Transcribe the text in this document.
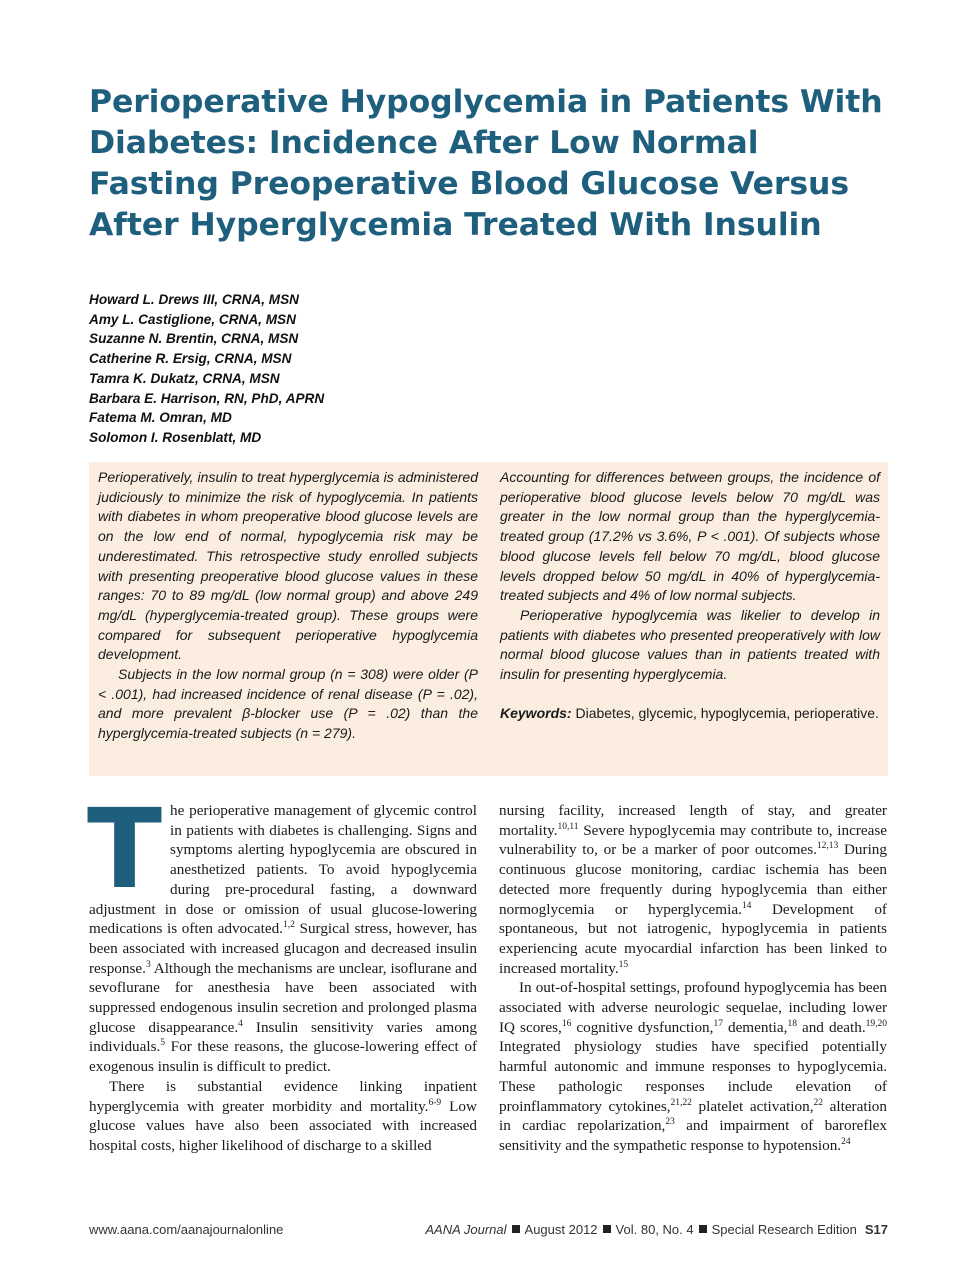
Perioperative Hypoglycemia in Patients With Diabetes: Incidence After Low Normal Fasting Preoperative Blood Glucose Versus After Hyperglycemia Treated With Insulin
Howard L. Drews III, CRNA, MSN
Amy L. Castiglione, CRNA, MSN
Suzanne N. Brentin, CRNA, MSN
Catherine R. Ersig, CRNA, MSN
Tamra K. Dukatz, CRNA, MSN
Barbara E. Harrison, RN, PhD, APRN
Fatema M. Omran, MD
Solomon I. Rosenblatt, MD

Perioperatively, insulin to treat hyperglycemia is administered judiciously to minimize the risk of hypoglycemia. In patients with diabetes in whom preoperative blood glucose levels are on the low end of normal, hypoglycemia risk may be underestimated. This retrospective study enrolled subjects with presenting preoperative blood glucose values in these ranges: 70 to 89 mg/dL (low normal group) and above 249 mg/dL (hyperglycemia-treated group). These groups were compared for subsequent perioperative hypoglycemia development.

Subjects in the low normal group (n = 308) were older (P < .001), had increased incidence of renal disease (P = .02), and more prevalent β-blocker use (P = .02) than the hyperglycemia-treated subjects (n = 279).

Accounting for differences between groups, the incidence of perioperative blood glucose levels below 70 mg/dL was greater in the low normal group than the hyperglycemia-treated group (17.2% vs 3.6%, P < .001). Of subjects whose blood glucose levels fell below 70 mg/dL, blood glucose levels dropped below 50 mg/dL in 40% of hyperglycemia-treated subjects and 4% of low normal subjects.

Perioperative hypoglycemia was likelier to develop in patients with diabetes who presented preoperatively with low normal blood glucose values than in patients treated with insulin for presenting hyperglycemia.

Keywords: Diabetes, glycemic, hypoglycemia, perioperative.

The perioperative management of glycemic control in patients with diabetes is challenging. Signs and symptoms alerting hypoglycemia are obscured in anesthetized patients. To avoid hypoglycemia during pre-procedural fasting, a downward adjustment in dose or omission of usual glucose-lowering medications is often advocated.$^{1,2}$ Surgical stress, however, has been associated with increased glucagon and decreased insulin response.$^3$ Although the mechanisms are unclear, isoflurane and sevoflurane for anesthesia have been associated with suppressed endogenous insulin secretion and prolonged plasma glucose disappearance.$^4$ Insulin sensitivity varies among individuals.$^5$ For these reasons, the glucose-lowering effect of exogenous insulin is difficult to predict.

There is substantial evidence linking inpatient hyperglycemia with greater morbidity and mortality.$^{6-9}$ Low glucose values have also been associated with increased hospital costs, higher likelihood of discharge to a skilled

nursing facility, increased length of stay, and greater mortality.$^{10,11}$ Severe hypoglycemia may contribute to, increase vulnerability to, or be a marker of poor outcomes.$^{12,13}$ During continuous glucose monitoring, cardiac ischemia has been detected more frequently during hypoglycemia than either normoglycemia or hyperglycemia.$^{14}$ Development of spontaneous, but not iatrogenic, hypoglycemia in patients experiencing acute myocardial infarction has been linked to increased mortality.$^{15}$

In out-of-hospital settings, profound hypoglycemia has been associated with adverse neurologic sequelae, including lower IQ scores,$^{16}$ cognitive dysfunction,$^{17}$ dementia,$^{18}$ and death.$^{19,20}$ Integrated physiology studies have specified potentially harmful autonomic and immune responses to hypoglycemia. These pathologic responses include elevation of proinflammatory cytokines,$^{21,22}$ platelet activation,$^{22}$ alteration in cardiac repolarization,$^{23}$ and impairment of baroreflex sensitivity and the sympathetic response to hypotension.$^{24}$

www.aana.com/aanajournalonline	AANA Journal August 2012 Vol. 80, No. 4 Special Research Edition S17
